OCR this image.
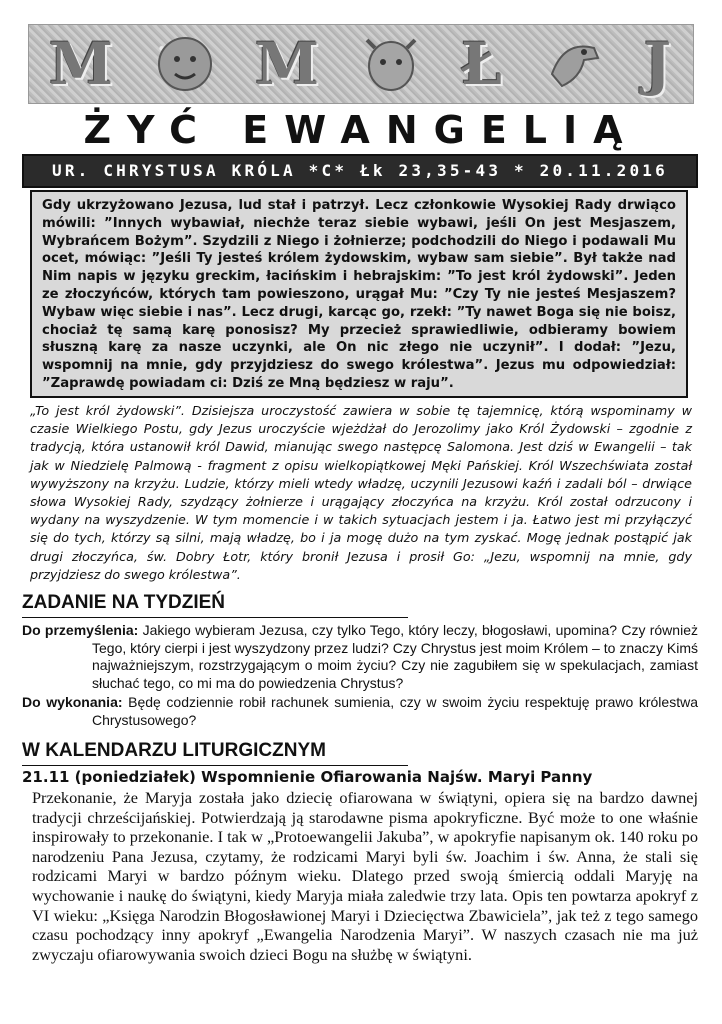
M M Ł J
ŻYĆ EWANGELIĄ
UR. CHRYSTUSA KRÓLA *C* Łk 23,35-43 * 20.11.2016
Gdy ukrzyżowano Jezusa, lud stał i patrzył. Lecz członkowie Wysokiej Rady drwiąco mówili: ”Innych wybawiał, niechże teraz siebie wybawi, jeśli On jest Mesjaszem, Wybrańcem Bożym”. Szydzili z Niego i żołnierze; podchodzili do Niego i podawali Mu ocet, mówiąc: ”Jeśli Ty jesteś królem żydowskim, wybaw sam siebie”. Był także nad Nim napis w języku greckim, łacińskim i hebrajskim: ”To jest król żydowski”. Jeden ze złoczyńców, których tam powieszono, urągał Mu: ”Czy Ty nie jesteś Mesjaszem? Wybaw więc siebie i nas”. Lecz drugi, karcąc go, rzekł: ”Ty nawet Boga się nie boisz, chociaż tę samą karę ponosisz? My przecież sprawiedliwie, odbieramy bowiem słuszną karę za nasze uczynki, ale On nic złego nie uczynił”. I dodał: ”Jezu, wspomnij na mnie, gdy przyjdziesz do swego królestwa”. Jezus mu odpowiedział: ”Zaprawdę powiadam ci: Dziś ze Mną będziesz w raju”.
„To jest król żydowski”. Dzisiejsza uroczystość zawiera w sobie tę tajemnicę, którą wspominamy w czasie Wielkiego Postu, gdy Jezus uroczyście wjeżdżał do Jerozolimy jako Król Żydowski – zgodnie z tradycją, która ustanowił król Dawid, mianując swego następcę Salomona. Jest dziś w Ewangelii – tak jak w Niedzielę Palmową - fragment z opisu wielkopiątkowej Męki Pańskiej. Król Wszechświata został wywyższony na krzyżu. Ludzie, którzy mieli wtedy władzę, uczynili Jezusowi kaźń i zadali ból – drwiące słowa Wysokiej Rady, szydzący żołnierze i urągający złoczyńca na krzyżu. Król został odrzucony i wydany na wyszydzenie. W tym momencie i w takich sytuacjach jestem i ja. Łatwo jest mi przyłączyć się do tych, którzy są silni, mają władzę, bo i ja mogę dużo na tym zyskać. Mogę jednak postąpić jak drugi złoczyńca, św. Dobry Łotr, który bronił Jezusa i prosił Go: „Jezu, wspomnij na mnie, gdy przyjdziesz do swego królestwa”.
ZADANIE NA TYDZIEŃ
Do przemyślenia: Jakiego wybieram Jezusa, czy tylko Tego, który leczy, błogosławi, upomina? Czy również Tego, który cierpi i jest wyszydzony przez ludzi? Czy Chrystus jest moim Królem – to znaczy Kimś najważniejszym, rozstrzygającym o moim życiu? Czy nie zagubiłem się w spekulacjach, zamiast słuchać tego, co mi ma do powiedzenia Chrystus?
Do wykonania: Będę codziennie robił rachunek sumienia, czy w swoim życiu respektuję prawo królestwa Chrystusowego?
W KALENDARZU LITURGICZNYM
21.11 (poniedziałek) Wspomnienie Ofiarowania Najśw. Maryi Panny
Przekonanie, że Maryja została jako dziecię ofiarowana w świątyni, opiera się na bardzo dawnej tradycji chrześcijańskiej. Potwierdzają ją starodawne pisma apokryficzne. Być może to one właśnie inspirowały to przekonanie. I tak w „Protoewangelii Jakuba”, w apokryfie napisanym ok. 140 roku po narodzeniu Pana Jezusa, czytamy, że rodzicami Maryi byli św. Joachim i św. Anna, że stali się rodzicami Maryi w bardzo późnym wieku. Dlatego przed swoją śmiercią oddali Maryję na wychowanie i naukę do świątyni, kiedy Maryja miała zaledwie trzy lata. Opis ten powtarza apokryf z VI wieku: „Księga Narodzin Błogosławionej Maryi i Dziecięctwa Zbawiciela”, jak też z tego samego czasu pochodzący inny apokryf „Ewangelia Narodzenia Maryi”. W naszych czasach nie ma już zwyczaju ofiarowywania swoich dzieci Bogu na służbę w świątyni.
